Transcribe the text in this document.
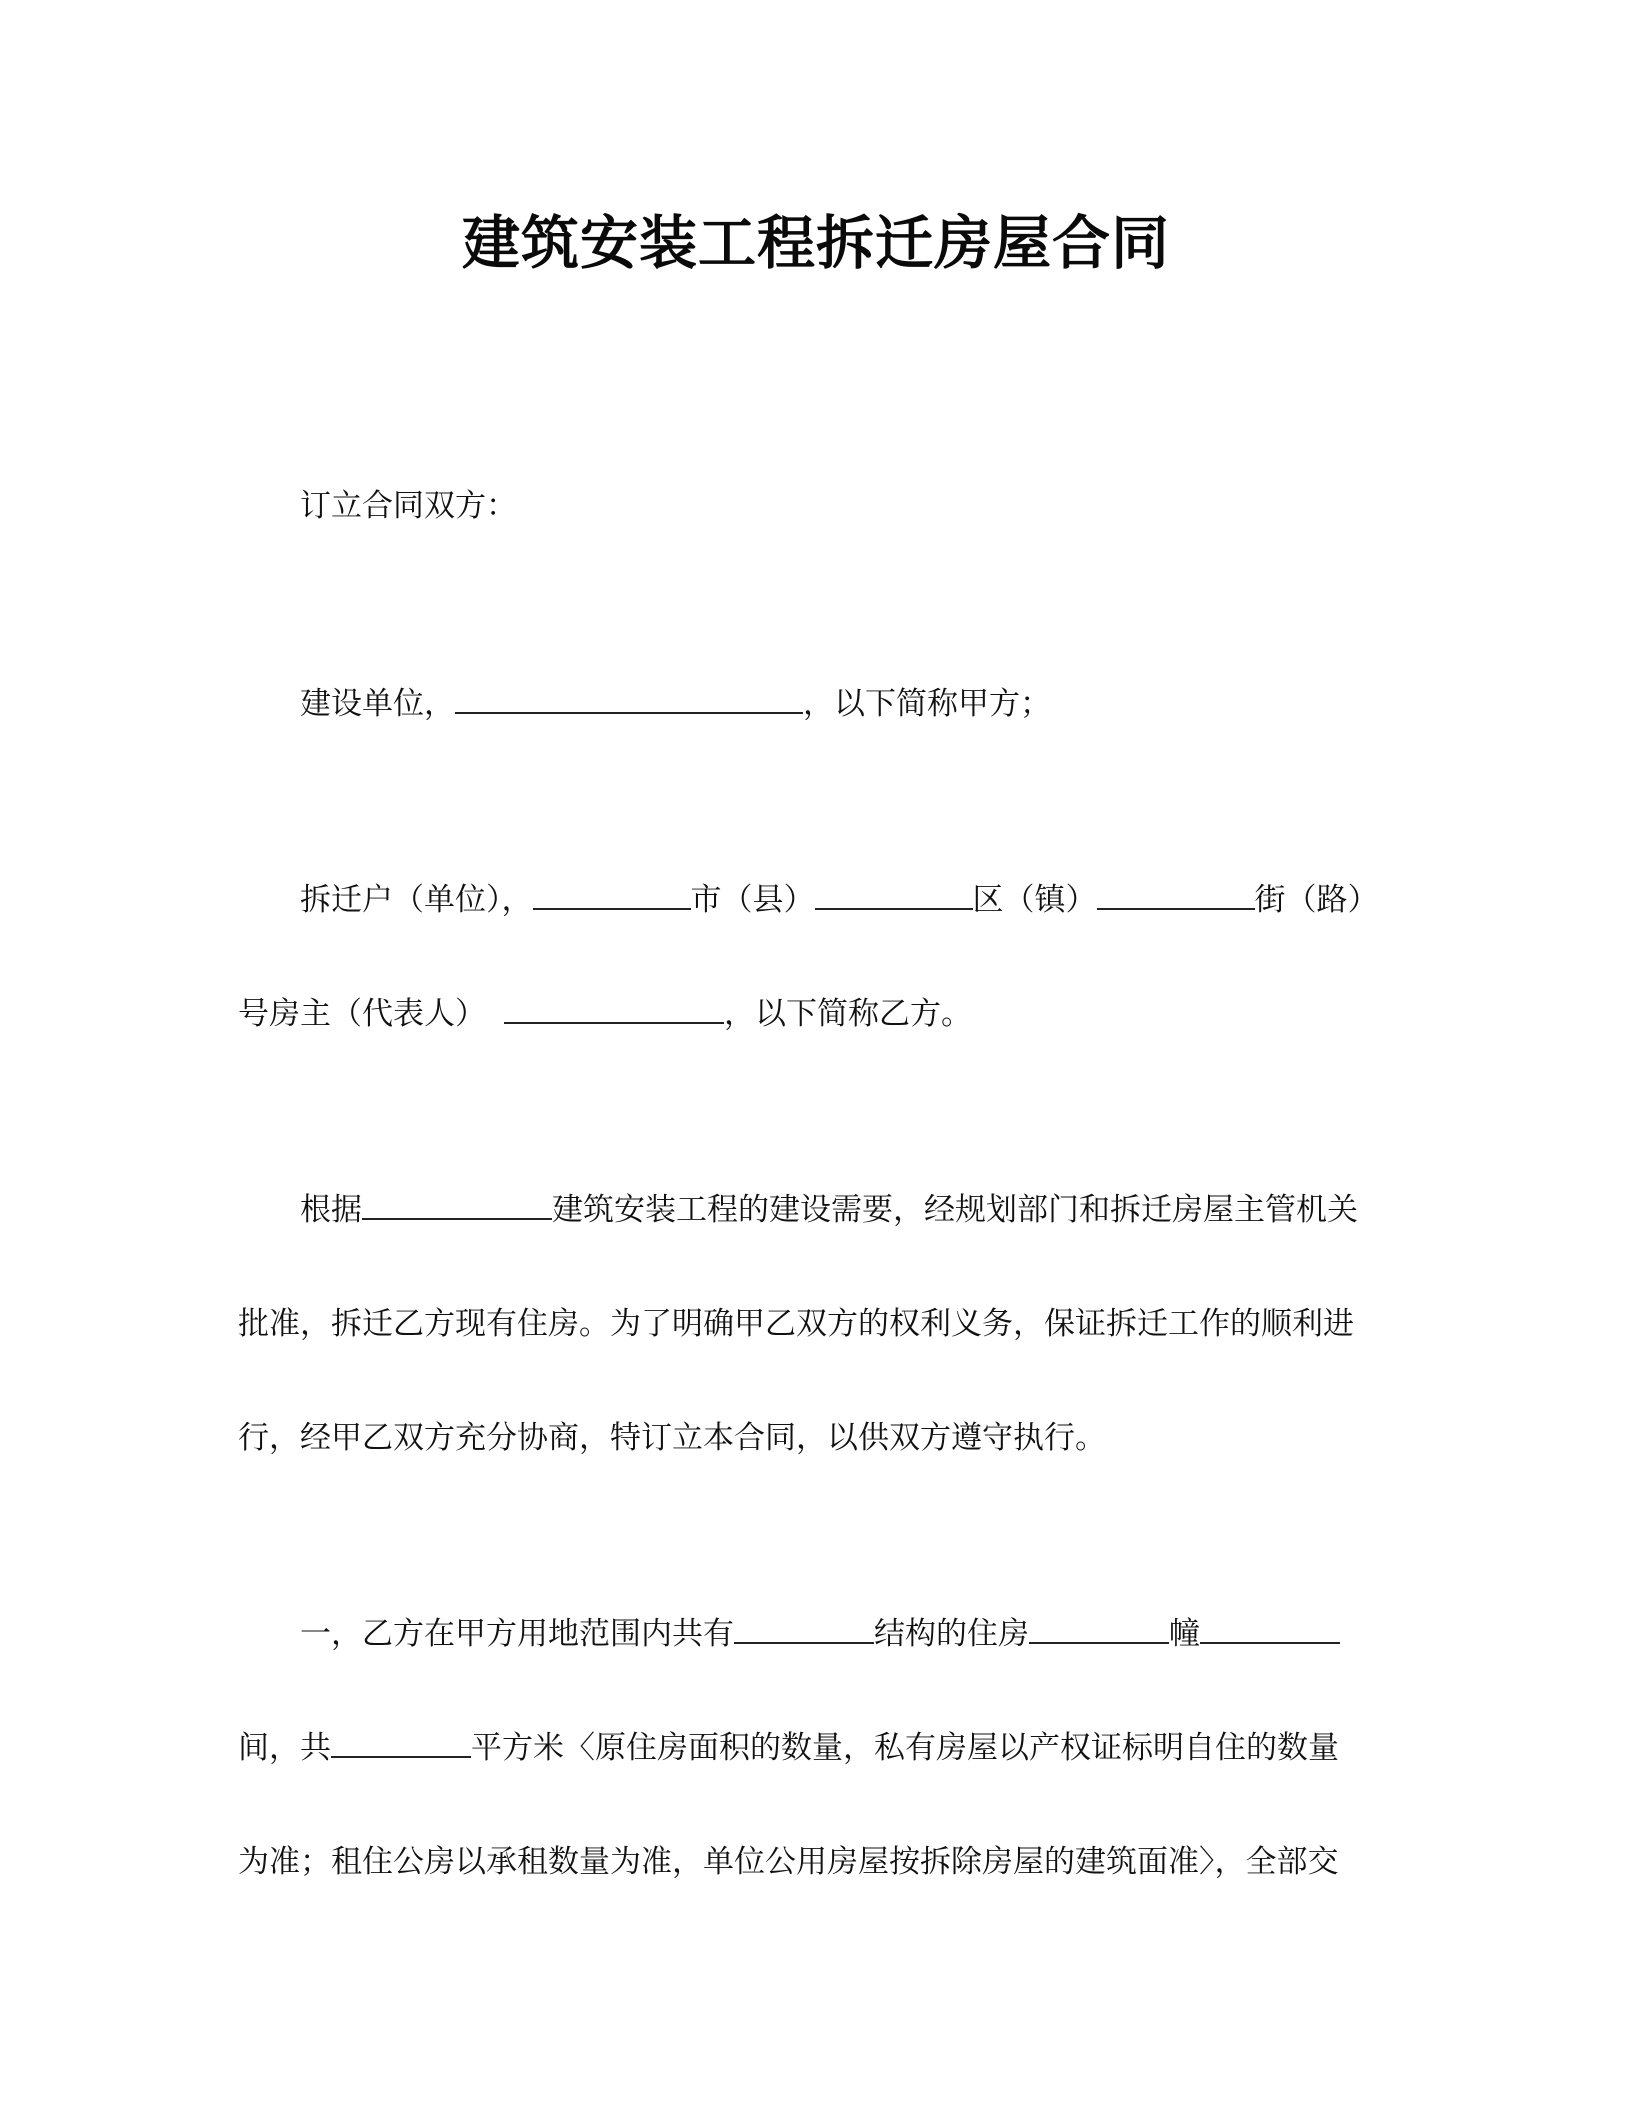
建筑安装工程拆迁房屋合同
订立合同双方：
建设单位，	，以下简称甲方；
拆迁户（单位），	市（县）	区（镇）	街（路）
号房主（代表人）	，以下简称乙方。
根据	建筑安装工程的建设需要，经规划部门和拆迁房屋主管机关
批准，拆迁乙方现有住房。为了明确甲乙双方的权利义务，保证拆迁工作的顺利进
行，经甲乙双方充分协商，特订立本合同，以供双方遵守执行。
一，乙方在甲方用地范围内共有	结构的住房	幢
间，共	平方米〈原住房面积的数量，私有房屋以产权证标明自住的数量
为准；租住公房以承租数量为准，单位公用房屋按拆除房屋的建筑面准〉，全部交
